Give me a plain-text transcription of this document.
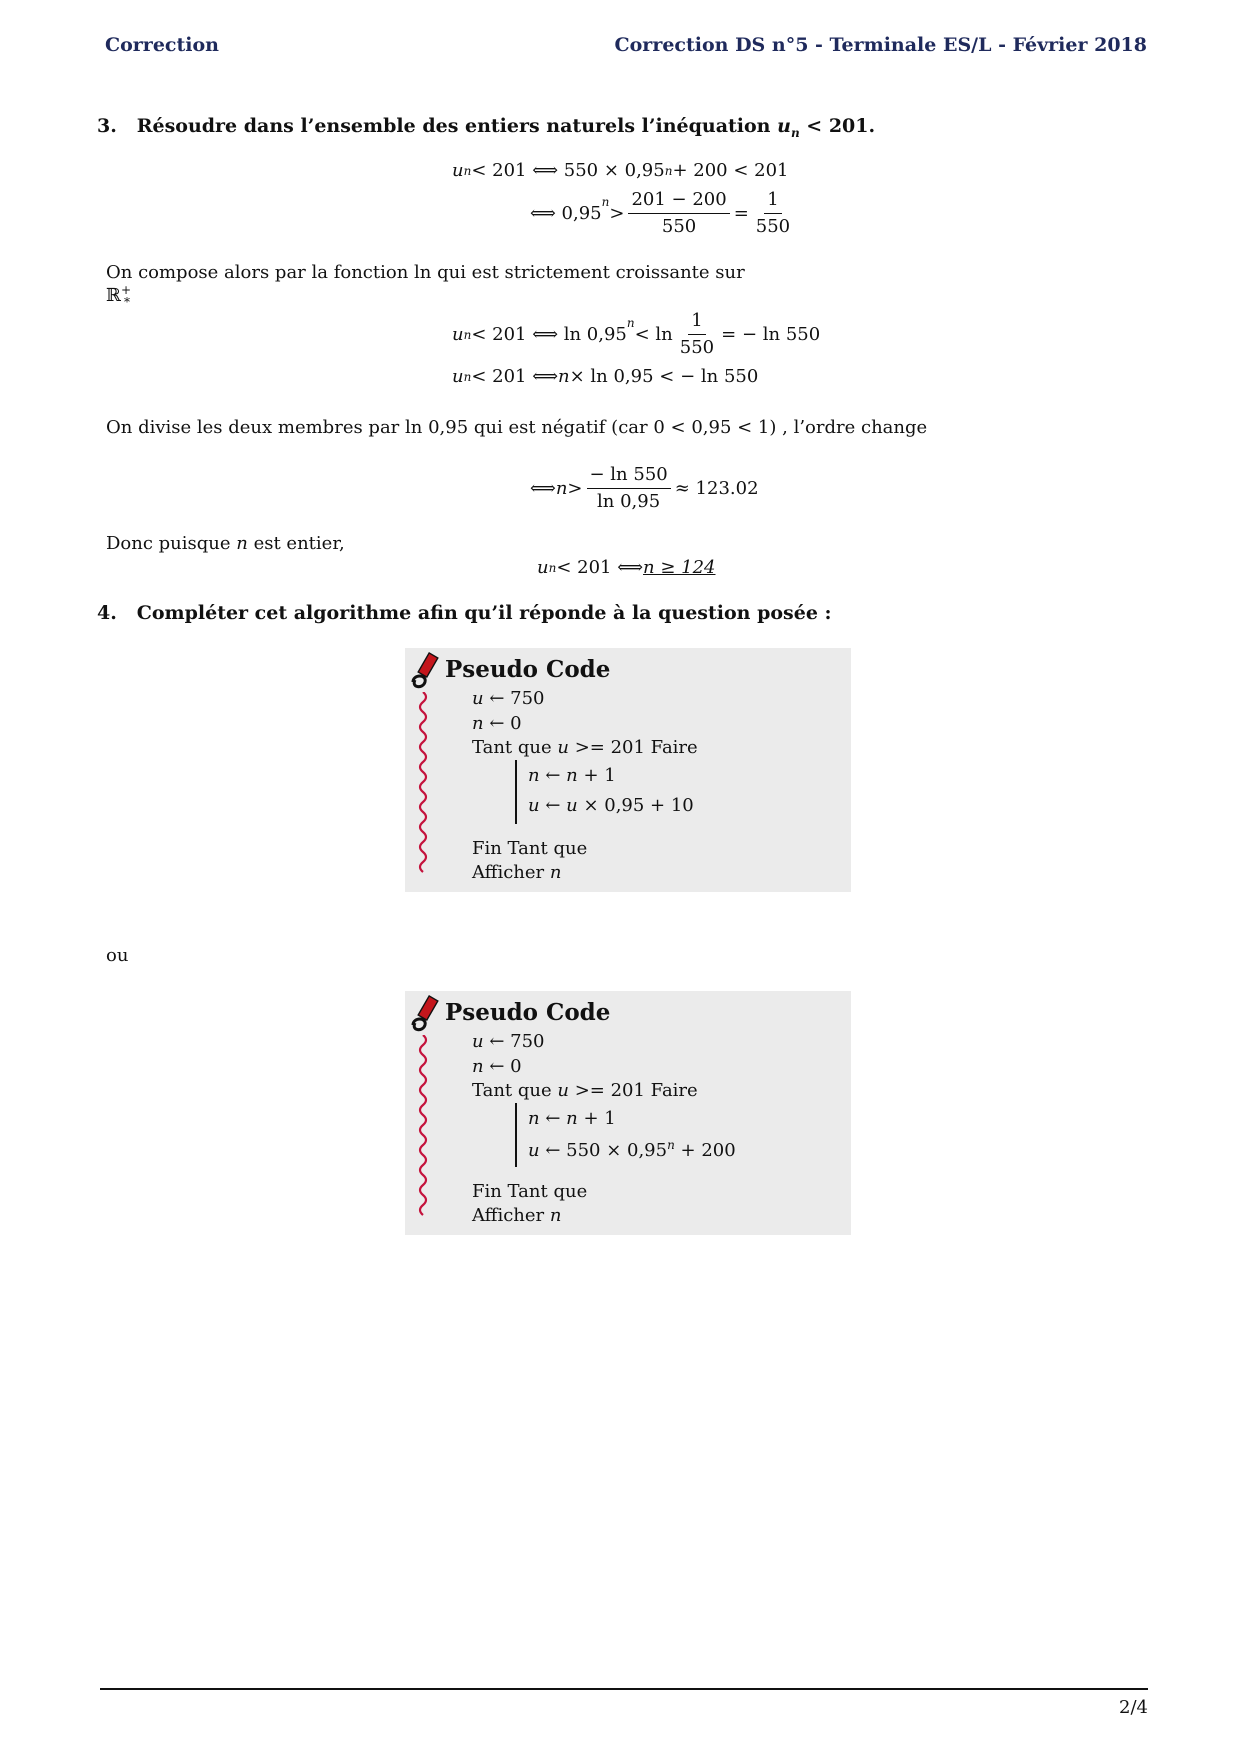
Correction	Correction DS n°5 - Terminale ES/L - Février 2018
3. Résoudre dans l’ensemble des entiers naturels l’inéquation $u_n < 201$.
u n < 201 ⟺ 550 × 0,95 n + 200 < 201
⟺ 0,95
$^n$
> $\frac{201 - 200}{550} = \frac{1}{550}$
On compose alors par la fonction ln qui est strictement croissante sur ℝ+$_*$
u n < 201 ⟺ ln 0,95
$^n$
< $\ln \frac{1}{550}$ = − ln 550
u n < 201 ⟺ n × ln 0,95 < − ln 550
On divise les deux membres par ln 0,95 qui est négatif (car 0 < 0,95 < 1) , l’ordre change
⟺ $n > \frac{- \ln 550}{\ln 0,95} \approx 123.02$
Donc puisque n est entier,
u n < 201 ⟺ n ≥ 124
4. Compléter cet algorithme afin qu’il réponde à la question posée :
Pseudo Code
u ← 750
n ← 0
Tant que u >= 201 Faire
n ← n + 1
u ← u × 0,95 + 10
Fin Tant que
Afficher n
ou
Pseudo Code
u ← 750
n ← 0
Tant que u >= 201 Faire
n ← n + 1
u ← $550 \times 0,95^n + 200$
Fin Tant que
Afficher n
2/4
